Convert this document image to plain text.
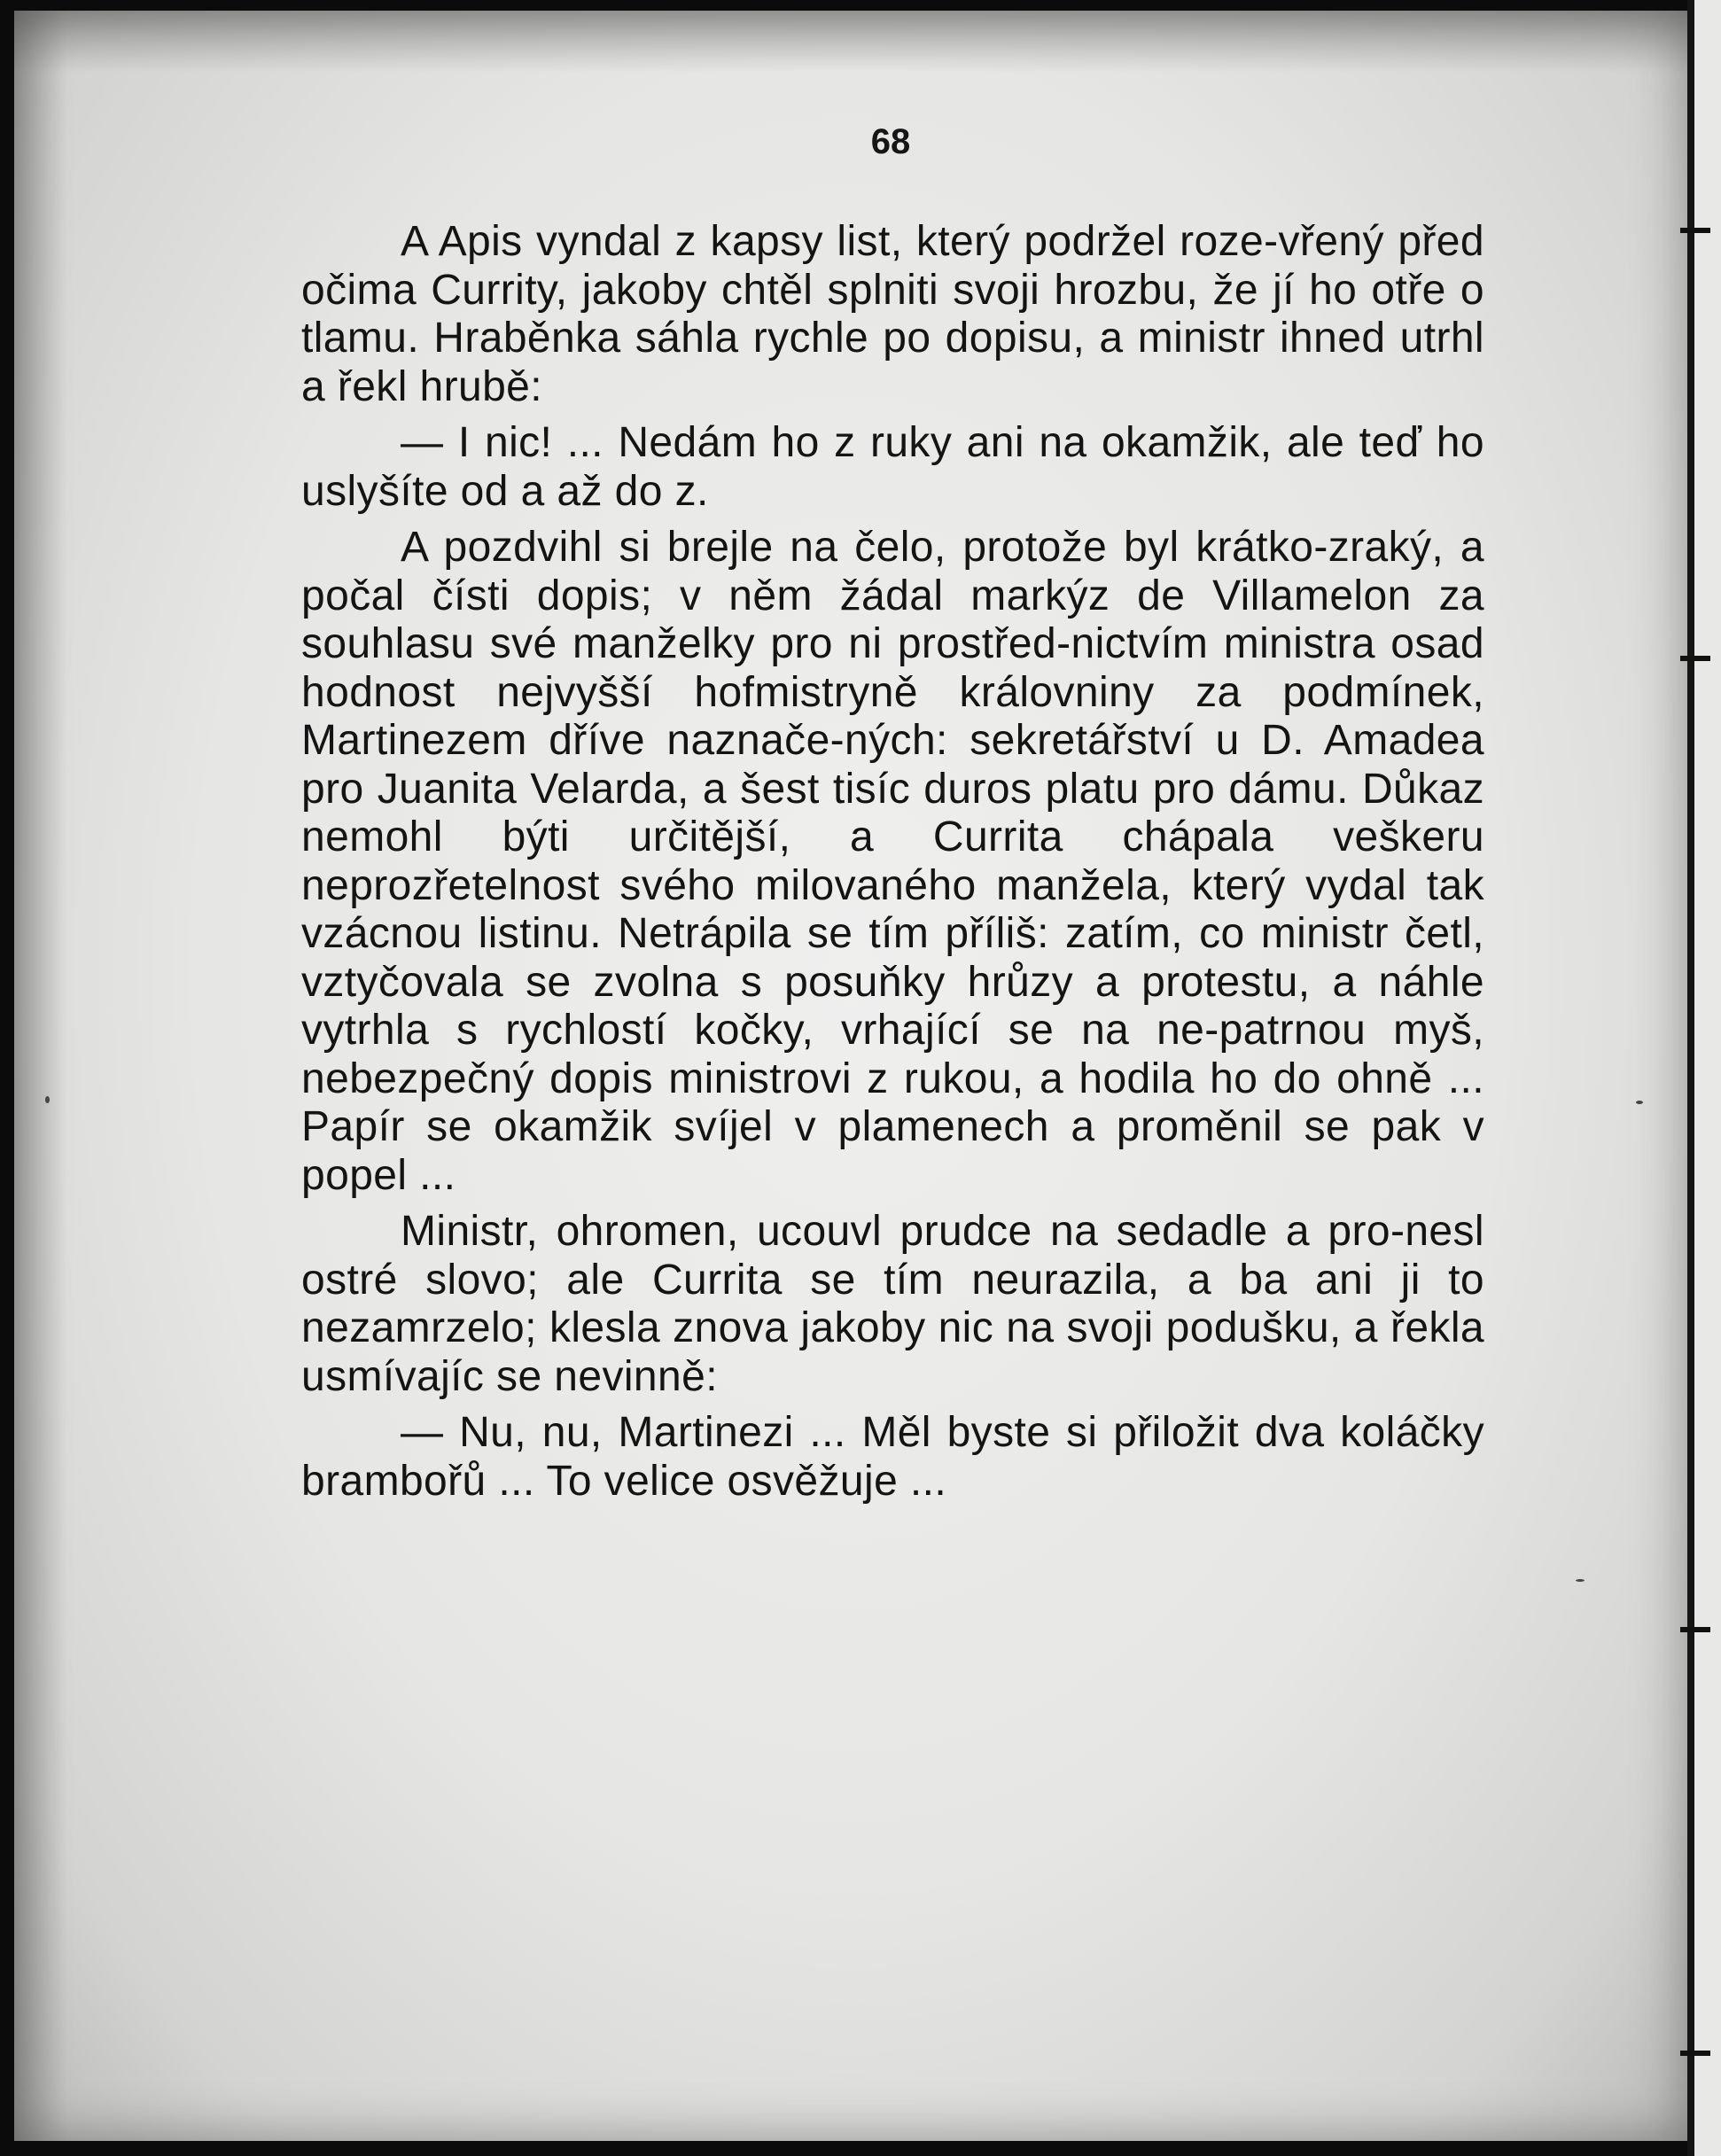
68

A Apis vyndal z kapsy list, který podržel roze-vřený před očima Currity, jakoby chtěl splniti svoji hrozbu, že jí ho otře o tlamu. Hraběnka sáhla rychle po dopisu, a ministr ihned utrhl a řekl hrubě:

— I nic! ... Nedám ho z ruky ani na okamžik, ale teď ho uslyšíte od a až do z.

A pozdvihl si brejle na čelo, protože byl krátko-zraký, a počal čísti dopis; v něm žádal markýz de Villamelon za souhlasu své manželky pro ni prostřed-nictvím ministra osad hodnost nejvyšší hofmistryně královniny za podmínek, Martinezem dříve naznače-ných: sekretářství u D. Amadea pro Juanita Velarda, a šest tisíc duros platu pro dámu. Důkaz nemohl býti určitější, a Currita chápala veškeru neprozřetelnost svého milovaného manžela, který vydal tak vzácnou listinu. Netrápila se tím příliš: zatím, co ministr četl, vztyčovala se zvolna s posuňky hrůzy a protestu, a náhle vytrhla s rychlostí kočky, vrhající se na ne-patrnou myš, nebezpečný dopis ministrovi z rukou, a hodila ho do ohně ... Papír se okamžik svíjel v plamenech a proměnil se pak v popel ...

Ministr, ohromen, ucouvl prudce na sedadle a pro-nesl ostré slovo; ale Currita se tím neurazila, a ba ani ji to nezamrzelo; klesla znova jakoby nic na svoji podušku, a řekla usmívajíc se nevinně:

— Nu, nu, Martinezi ... Měl byste si přiložit dva koláčky brambořů ... To velice osvěžuje ...
